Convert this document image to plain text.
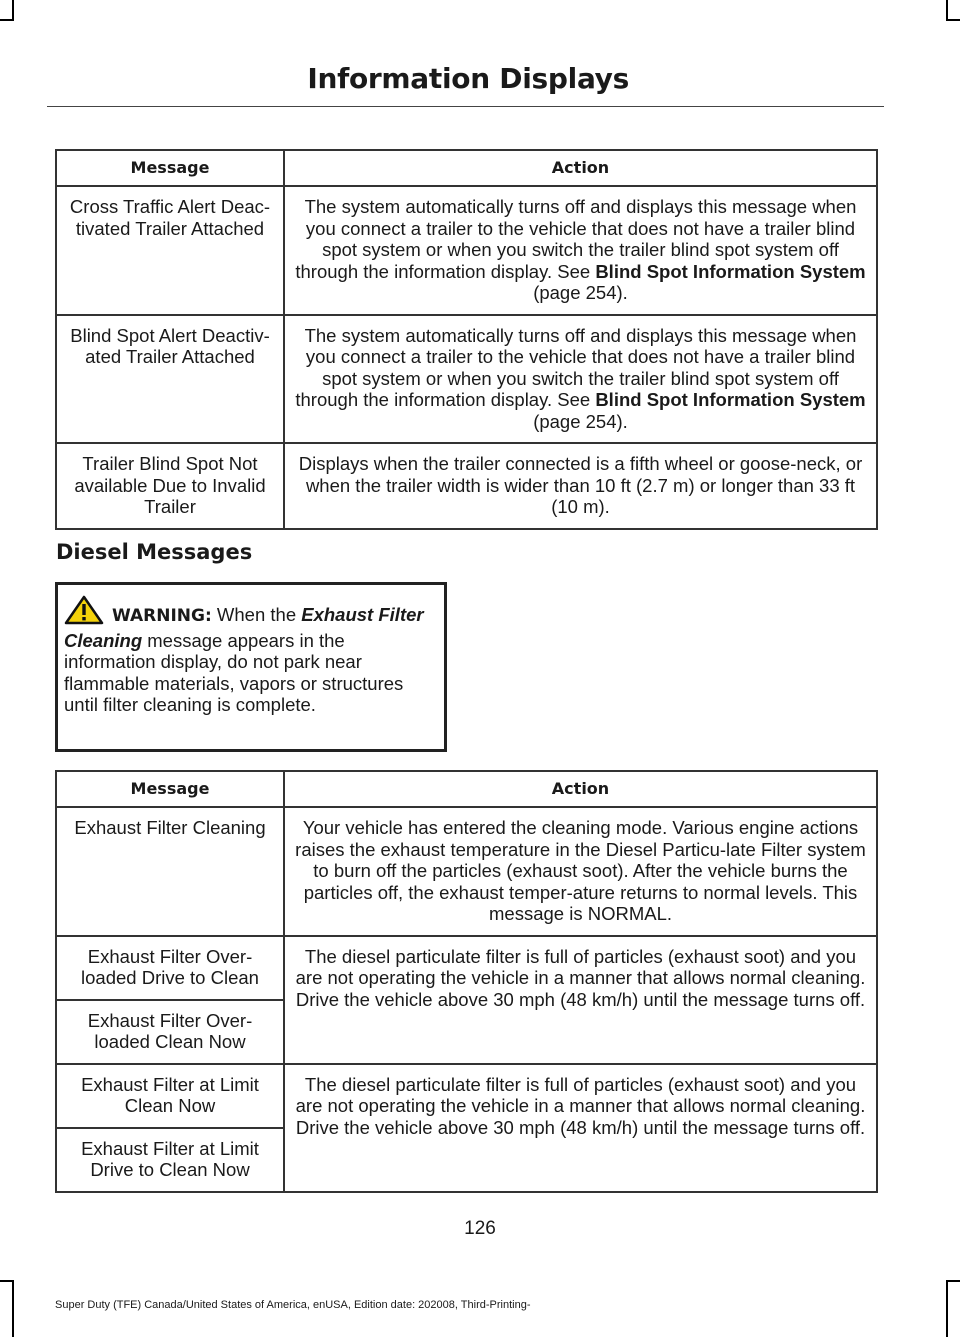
Information Displays
Message	Action
Cross Traffic Alert Deac-tivated Trailer Attached	The system automatically turns off and displays this message when you connect a trailer to the vehicle that does not have a trailer blind spot system or when you switch the trailer blind spot system off through the information display. See Blind Spot Information System (page 254).
Blind Spot Alert Deactiv-ated Trailer Attached	The system automatically turns off and displays this message when you connect a trailer to the vehicle that does not have a trailer blind spot system or when you switch the trailer blind spot system off through the information display. See Blind Spot Information System (page 254).
Trailer Blind Spot Not available Due to Invalid Trailer	Displays when the trailer connected is a fifth wheel or goose-neck, or when the trailer width is wider than 10 ft (2.7 m) or longer than 33 ft (10 m).
Diesel Messages
WARNING: When the Exhaust Filter Cleaning message appears in the information display, do not park near flammable materials, vapors or structures until filter cleaning is complete.
Message	Action
Exhaust Filter Cleaning	Your vehicle has entered the cleaning mode. Various engine actions raises the exhaust temperature in the Diesel Particu-late Filter system to burn off the particles (exhaust soot). After the vehicle burns the particles off, the exhaust temper-ature returns to normal levels. This message is NORMAL.
Exhaust Filter Over-loaded Drive to Clean	The diesel particulate filter is full of particles (exhaust soot) and you are not operating the vehicle in a manner that allows normal cleaning. Drive the vehicle above 30 mph (48 km/h) until the message turns off.
Exhaust Filter Over-loaded Clean Now	
Exhaust Filter at Limit Clean Now	The diesel particulate filter is full of particles (exhaust soot) and you are not operating the vehicle in a manner that allows normal cleaning. Drive the vehicle above 30 mph (48 km/h) until the message turns off.
Exhaust Filter at Limit Drive to Clean Now	
126
Super Duty (TFE) Canada/United States of America, enUSA, Edition date: 202008, Third-Printing-
